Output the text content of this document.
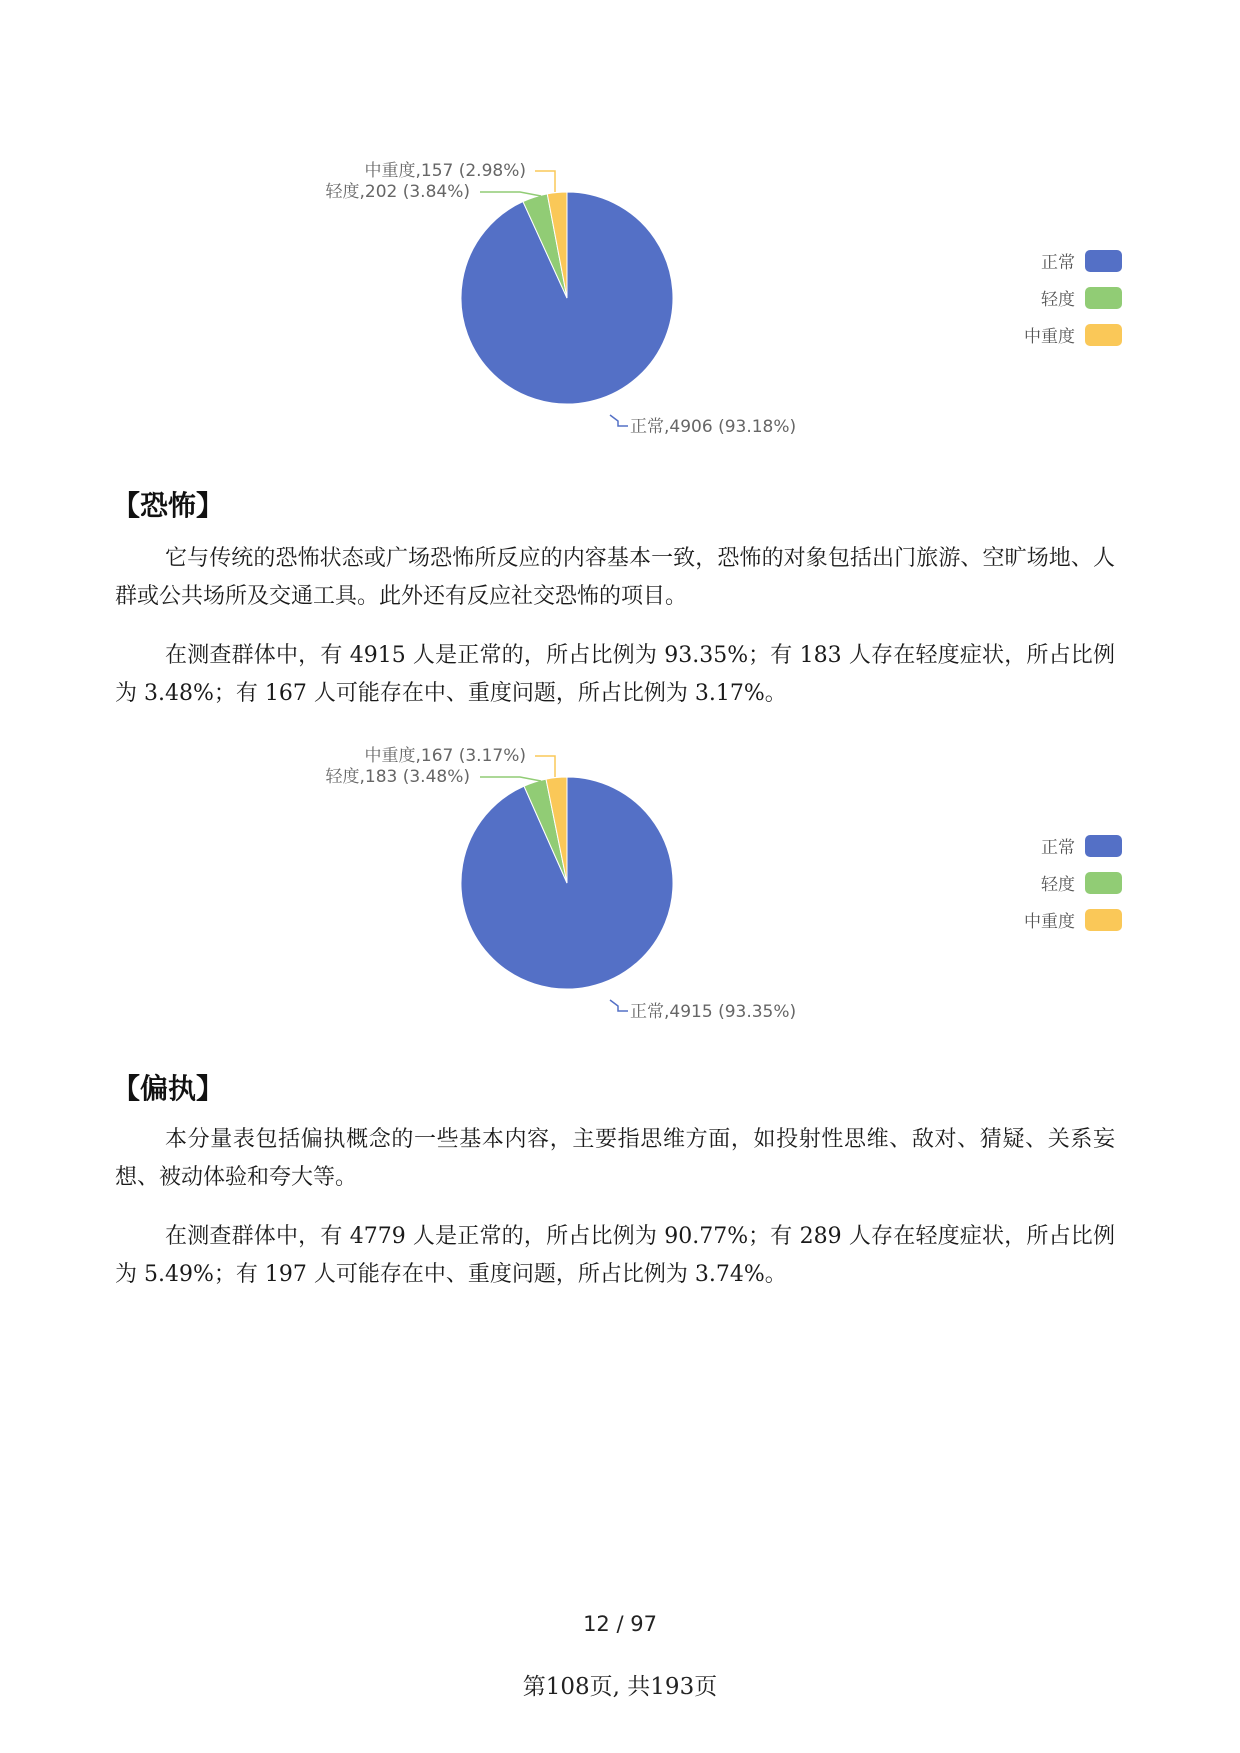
正常,4906 (93.18%)
轻度,202 (3.84%)
中重度,157 (2.98%)
正常
轻度
中重度
【恐怖】

它与传统的恐怖状态或广场恐怖所反应的内容基本一致，恐怖的对象包括出门旅游、空旷场地、人群或公共场所及交通工具。此外还有反应社交恐怖的项目。

在测查群体中，有 4915 人是正常的，所占比例为 93.35%；有 183 人存在轻度症状，所占比例为 3.48%；有 167 人可能存在中、重度问题，所占比例为 3.17%。

正常,4915 (93.35%)
轻度,183 (3.48%)
中重度,167 (3.17%)
正常
轻度
中重度
【偏执】

本分量表包括偏执概念的一些基本内容，主要指思维方面，如投射性思维、敌对、猜疑、关系妄想、被动体验和夸大等。

在测查群体中，有 4779 人是正常的，所占比例为 90.77%；有 289 人存在轻度症状，所占比例为 5.49%；有 197 人可能存在中、重度问题，所占比例为 3.74%。

12 / 97
第108页, 共193页
